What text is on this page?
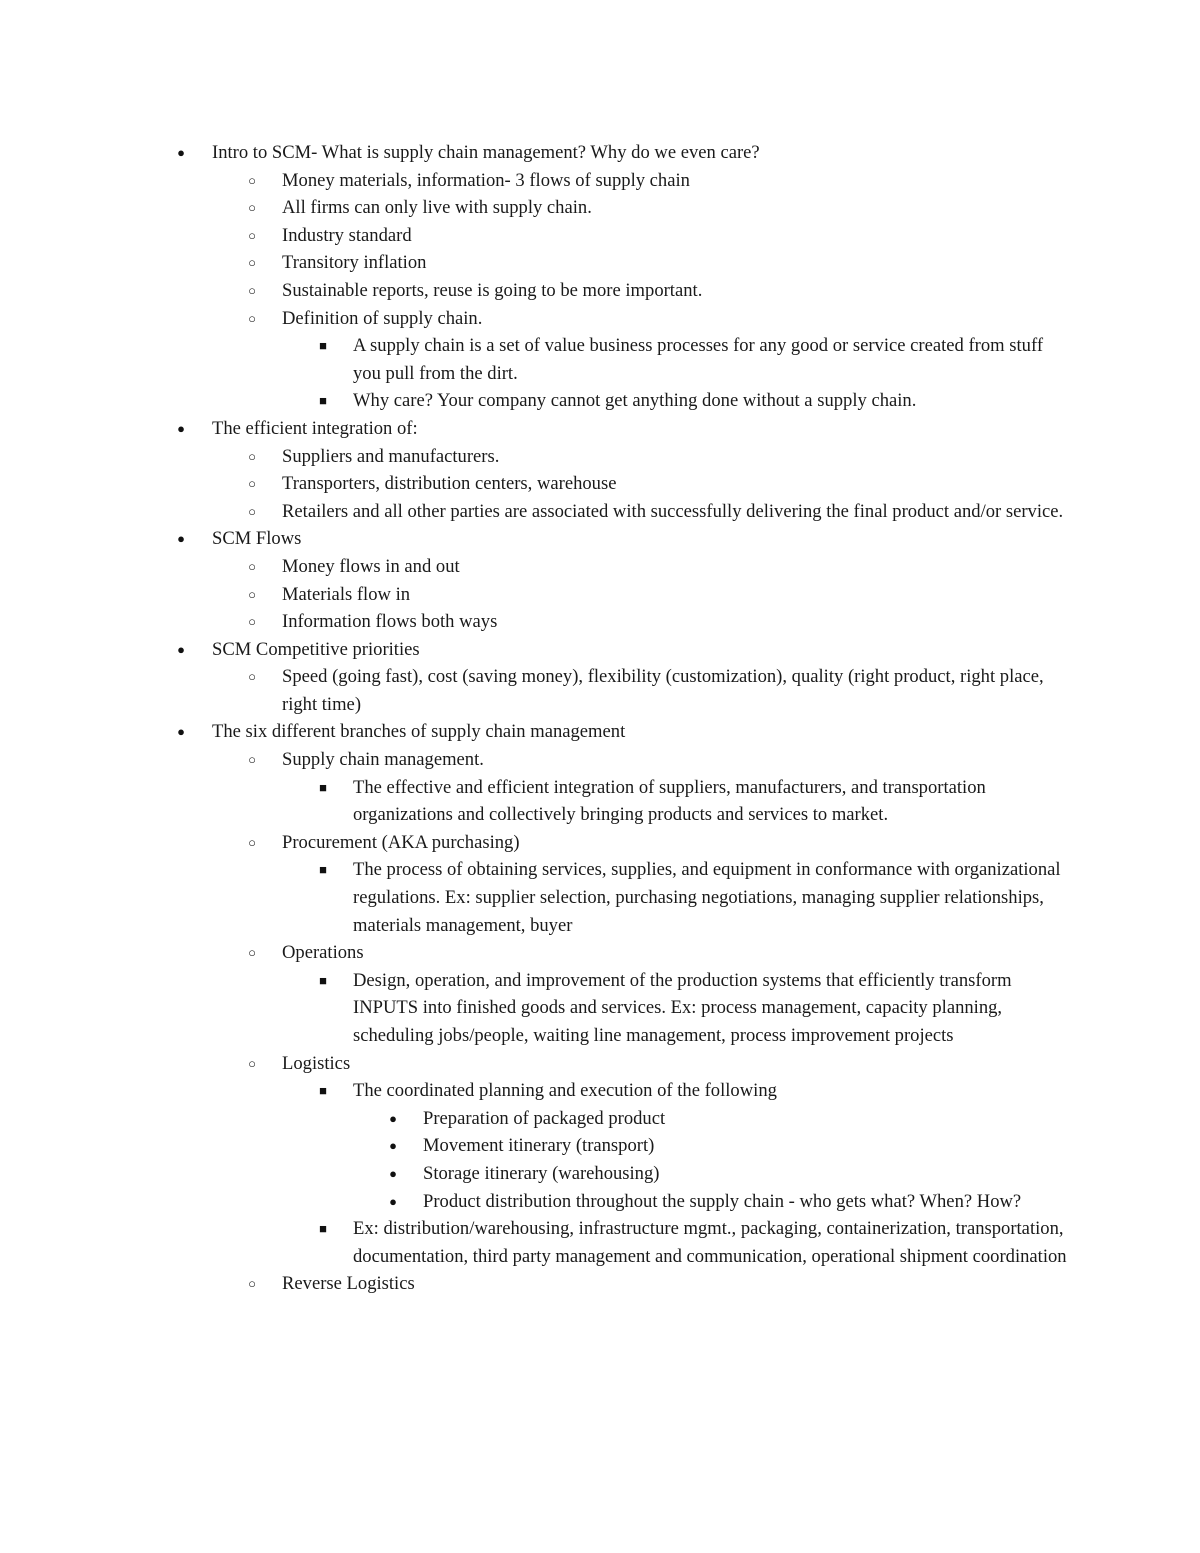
● Intro to SCM- What is supply chain management? Why do we even care?
○ Money materials, information- 3 flows of supply chain
○ All firms can only live with supply chain.
○ Industry standard
○ Transitory inflation
○ Sustainable reports, reuse is going to be more important.
○ Definition of supply chain.
■ A supply chain is a set of value business processes for any good or service created from stuff you pull from the dirt.
■ Why care? Your company cannot get anything done without a supply chain.
● The efficient integration of:
○ Suppliers and manufacturers.
○ Transporters, distribution centers, warehouse
○ Retailers and all other parties are associated with successfully delivering the final product and/or service.
● SCM Flows
○ Money flows in and out
○ Materials flow in
○ Information flows both ways
● SCM Competitive priorities
○ Speed (going fast), cost (saving money), flexibility (customization), quality (right product, right place, right time)
● The six different branches of supply chain management
○ Supply chain management.
■ The effective and efficient integration of suppliers, manufacturers, and transportation organizations and collectively bringing products and services to market.
○ Procurement (AKA purchasing)
■ The process of obtaining services, supplies, and equipment in conformance with organizational regulations. Ex: supplier selection, purchasing negotiations, managing supplier relationships, materials management, buyer
○ Operations
■ Design, operation, and improvement of the production systems that efficiently transform INPUTS into finished goods and services. Ex: process management, capacity planning, scheduling jobs/people, waiting line management, process improvement projects
○ Logistics
■ The coordinated planning and execution of the following
● Preparation of packaged product
● Movement itinerary (transport)
● Storage itinerary (warehousing)
● Product distribution throughout the supply chain - who gets what? When? How?
■ Ex: distribution/warehousing, infrastructure mgmt., packaging, containerization, transportation, documentation, third party management and communication, operational shipment coordination
○ Reverse Logistics
